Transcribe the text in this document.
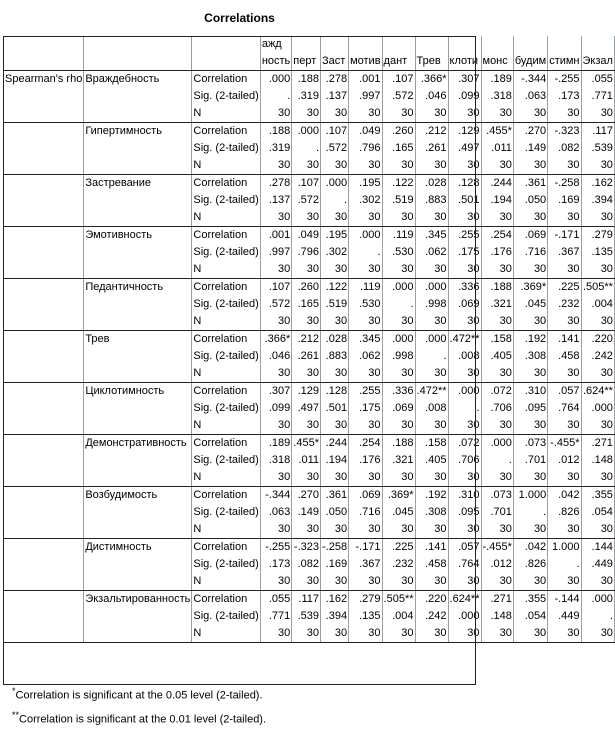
Correlations
			ажд										
			ность	перт	Заст	мотив	дант	Трев	клоти	монс	будим	стимн	Экзал
Spearman's rho	Враждебность	Correlation	.000	.188	.278	.001	.107	.366*	.307	.189	-.344	-.255	.055
		Sig. (2-tailed)	.	.319	.137	.997	.572	.046	.099	.318	.063	.173	.771
		N	30	30	30	30	30	30	30	30	30	30	30
	Гипертимность	Correlation	.188	.000	.107	.049	.260	.212	.129	.455*	.270	-.323	.117
		Sig. (2-tailed)	.319	.	.572	.796	.165	.261	.497	.011	.149	.082	.539
		N	30	30	30	30	30	30	30	30	30	30	30
	Застревание	Correlation	.278	.107	.000	.195	.122	.028	.128	.244	.361	-.258	.162
		Sig. (2-tailed)	.137	.572	.	.302	.519	.883	.501	.194	.050	.169	.394
		N	30	30	30	30	30	30	30	30	30	30	30
	Эмотивность	Correlation	.001	.049	.195	.000	.119	.345	.255	.254	.069	-.171	.279
		Sig. (2-tailed)	.997	.796	.302	.	.530	.062	.175	.176	.716	.367	.135
		N	30	30	30	30	30	30	30	30	30	30	30
	Педантичность	Correlation	.107	.260	.122	.119	.000	.000	.336	.188	.369*	.225	.505**
		Sig. (2-tailed)	.572	.165	.519	.530	.	.998	.069	.321	.045	.232	.004
		N	30	30	30	30	30	30	30	30	30	30	30
	Трев	Correlation	.366*	.212	.028	.345	.000	.000	.472**	.158	.192	.141	.220
		Sig. (2-tailed)	.046	.261	.883	.062	.998	.	.008	.405	.308	.458	.242
		N	30	30	30	30	30	30	30	30	30	30	30
	Циклотимность	Correlation	.307	.129	.128	.255	.336	.472**	.000	.072	.310	.057	.624**
		Sig. (2-tailed)	.099	.497	.501	.175	.069	.008	.	.706	.095	.764	.000
		N	30	30	30	30	30	30	30	30	30	30	30
	Демонстративность	Correlation	.189	.455*	.244	.254	.188	.158	.072	.000	.073	-.455*	.271
		Sig. (2-tailed)	.318	.011	.194	.176	.321	.405	.706	.	.701	.012	.148
		N	30	30	30	30	30	30	30	30	30	30	30
	Возбудимость	Correlation	-.344	.270	.361	.069	.369*	.192	.310	.073	1.000	.042	.355
		Sig. (2-tailed)	.063	.149	.050	.716	.045	.308	.095	.701	.	.826	.054
		N	30	30	30	30	30	30	30	30	30	30	30
	Дистимность	Correlation	-.255	-.323	-.258	-.171	.225	.141	.057	-.455*	.042	1.000	.144
		Sig. (2-tailed)	.173	.082	.169	.367	.232	.458	.764	.012	.826	.	.449
		N	30	30	30	30	30	30	30	30	30	30	30
	Экзальтированность	Correlation	.055	.117	.162	.279	.505**	.220	.624**	.271	.355	-.144	.000
		Sig. (2-tailed)	.771	.539	.394	.135	.004	.242	.000	.148	.054	.449	.
		N	30	30	30	30	30	30	30	30	30	30	30
*Correlation is significant at the 0.05 level (2-tailed).
**Correlation is significant at the 0.01 level (2-tailed).
